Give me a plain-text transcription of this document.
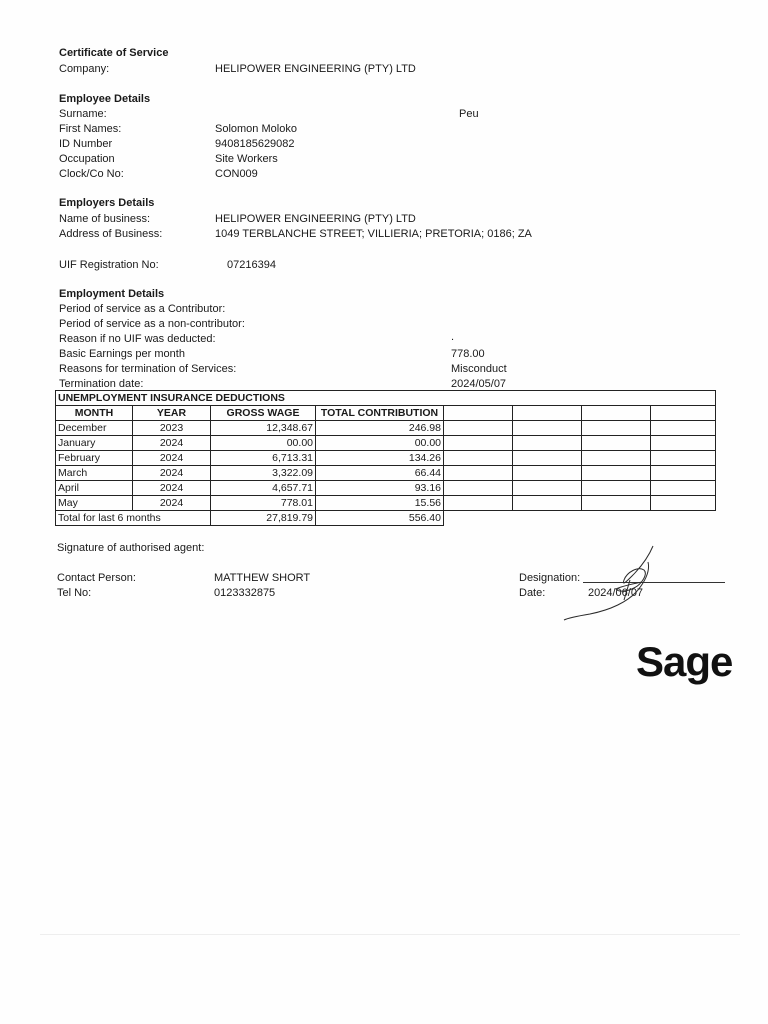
Certificate of Service
Company:	HELIPOWER ENGINEERING (PTY) LTD
Employee Details
Surname:	Peu
First Names:	Solomon Moloko
ID Number	9408185629082
Occupation	Site Workers
Clock/Co No:	CON009
Employers Details
Name of business:	HELIPOWER ENGINEERING (PTY) LTD
Address of Business:	1049 TERBLANCHE STREET; VILLIERIA; PRETORIA; 0186; ZA
UIF Registration No:	07216394
Employment Details
Period of service as a Contributor:
Period of service as a non-contributor:
Reason if no UIF was deducted:	.
Basic Earnings per month	778.00
Reasons for termination of Services:	Misconduct
Termination date:	2024/05/07
UNEMPLOYMENT INSURANCE DEDUCTIONS							
MONTH	YEAR	GROSS WAGE	TOTAL CONTRIBUTION				
December	2023	12,348.67	246.98				
January	2024	00.00	00.00				
February	2024	6,713.31	134.26				
March	2024	3,322.09	66.44				
April	2024	4,657.71	93.16				
May	2024	778.01	15.56				
Total for last 6 months		27,819.79	556.40				
Signature of authorised agent:
Contact Person:	MATTHEW SHORT
Tel No:	0123332875
Designation:
Date:	2024/06/07
Sage
